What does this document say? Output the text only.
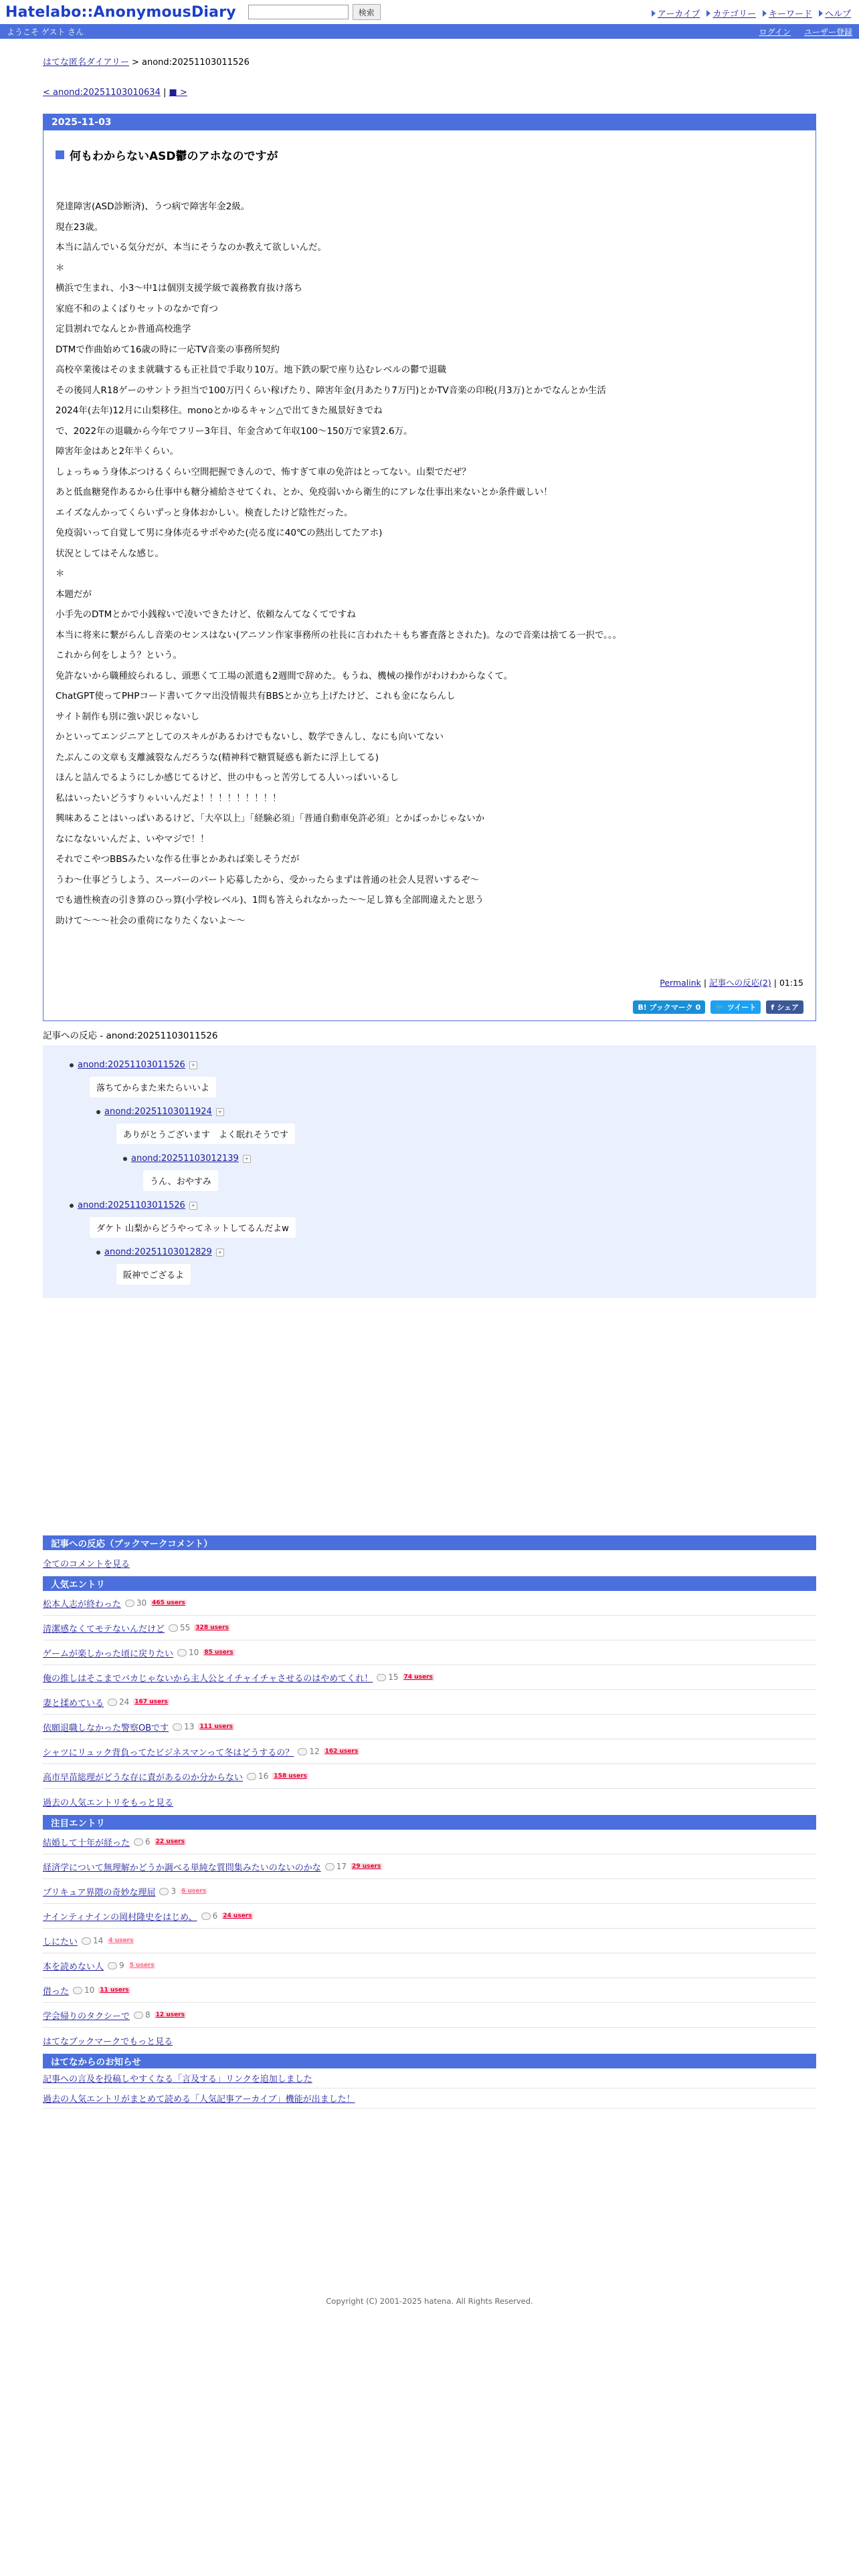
Hatelabo::AnonymousDiary	検索	アーカイブ カテゴリー キーワード ヘルプ
ようこそ ゲスト さん	ログイン ユーザー登録
はてな匿名ダイアリー > anond:20251103011526
< anond:20251103010634 | ■ >
2025-11-03
何もわからないASD鬱のアホなのですが

発達障害(ASD診断済)、うつ病で障害年金2級。

現在23歳。

本当に詰んでいる気分だが、本当にそうなのか教えて欲しいんだ。

＊

横浜で生まれ、小3〜中1は個別支援学級で義務教育抜け落ち

家庭不和のよくばりセットのなかで育つ

定員割れでなんとか普通高校進学

DTMで作曲始めて16歳の時に一応TV音楽の事務所契約

高校卒業後はそのまま就職するも正社員で手取り10万。地下鉄の駅で座り込むレベルの鬱で退職

その後同人R18ゲーのサントラ担当で100万円くらい稼げたり、障害年金(月あたり7万円)とかTV音楽の印税(月3万)とかでなんとか生活

2024年(去年)12月に山梨移住。monoとかゆるキャン△で出てきた風景好きでね

で、2022年の退職から今年でフリー3年目、年金含めて年収100〜150万で家賃2.6万。

障害年金はあと2年半くらい。

しょっちゅう身体ぶつけるくらい空間把握できんので、怖すぎて車の免許はとってない。山梨でだぜ？

あと低血糖発作あるから仕事中も糖分補給させてくれ、とか、免疫弱いから衛生的にアレな仕事出来ないとか条件厳しい！

エイズなんかってくらいずっと身体おかしい。検査したけど陰性だった。

免疫弱いって自覚して男に身体売るサポやめた(売る度に40℃の熱出してたアホ)

状況としてはそんな感じ。

＊

本題だが

小手先のDTMとかで小銭稼いで凌いできたけど、依頼なんてなくてですね

本当に将来に繋がらんし音楽のセンスはない(アニソン作家事務所の社長に言われた＋もち審査落とされた)。なので音楽は捨てる一択で。。。

これから何をしよう？という。

免許ないから職種絞られるし、頭悪くて工場の派遣も2週間で辞めた。もうね、機械の操作がわけわからなくて。

ChatGPT使ってPHPコード書いてクマ出没情報共有BBSとか立ち上げたけど、これも金にならんし

サイト制作も別に強い訳じゃないし

かといってエンジニアとしてのスキルがあるわけでもないし、数学できんし、なにも向いてない

たぶんこの文章も支離滅裂なんだろうな(精神科で糖質疑惑も新たに浮上してる)

ほんと詰んでるようにしか感じてるけど、世の中もっと苦労してる人いっぱいいるし

私はいったいどうすりゃいいんだよ！！！！！！！！！

興味あることはいっぱいあるけど、「大卒以上」「経験必須」「普通自動車免許必須」とかばっかじゃないか

なになないいんだよ、いやマジで！！

それでこやつBBSみたいな作る仕事とかあれば楽しそうだが

うわ〜仕事どうしよう、スーパーのパート応募したから、受かったらまずは普通の社会人見習いするぞ〜

でも適性検査の引き算のひっ算(小学校レベル)、1問も答えられなかった〜〜足し算も全部間違えたと思う

助けて〜〜〜社会の重荷になりたくないよ〜〜

Permalink | 記事への反応(2) | 01:15
B! ブックマーク 0	🐦 ツイート f シェア
記事への反応 - anond:20251103011526
anond:20251103011526	+
落ちてからまた来たらいいよ
anond:20251103011924	+
ありがとうございます　よく眠れそうです
anond:20251103012139	+
うん、おやすみ
anond:20251103011526	+
ダケト 山梨からどうやってネットしてるんだよw
anond:20251103012829	+
阪神でござるよ
記事への反応（ブックマークコメント）
全てのコメントを見る
人気エントリ
松本人志が終わった 30 465 users
清潔感なくてモテないんだけど 55 328 users
ゲームが楽しかった頃に戻りたい 10 85 users
俺の推しはそこまでバカじゃないから主人公とイチャイチャさせるのはやめてくれ！ 15 74 users
妻と揉めている 24 167 users
依願退職しなかった警察OBです 13 111 users
シャツにリュック背負ってたビジネスマンって冬はどうするの？ 12 162 users
高市早苗総理がどうな存に責があるのか分からない 16 158 users
過去の人気エントリをもっと見る
注目エントリ
結婚して十年が経った 6 22 users
経済学について無理解かどうか調べる単純な質問集みたいのないのかな 17 29 users
プリキュア界隈の奇妙な理屈 3 6 users
ナインティナインの岡村隆史をはじめ、 6 24 users
しにたい 14 4 users
本を読めない人 9 5 users
借った 10 11 users
学会帰りのタクシーで 8 12 users
はてなブックマークでもっと見る
はてなからのお知らせ
記事への言及を投稿しやすくなる「言及する」リンクを追加しました
過去の人気エントリがまとめて読める「人気記事アーカイブ」機能が出ました！
Copyright (C) 2001-2025 hatena. All Rights Reserved.
